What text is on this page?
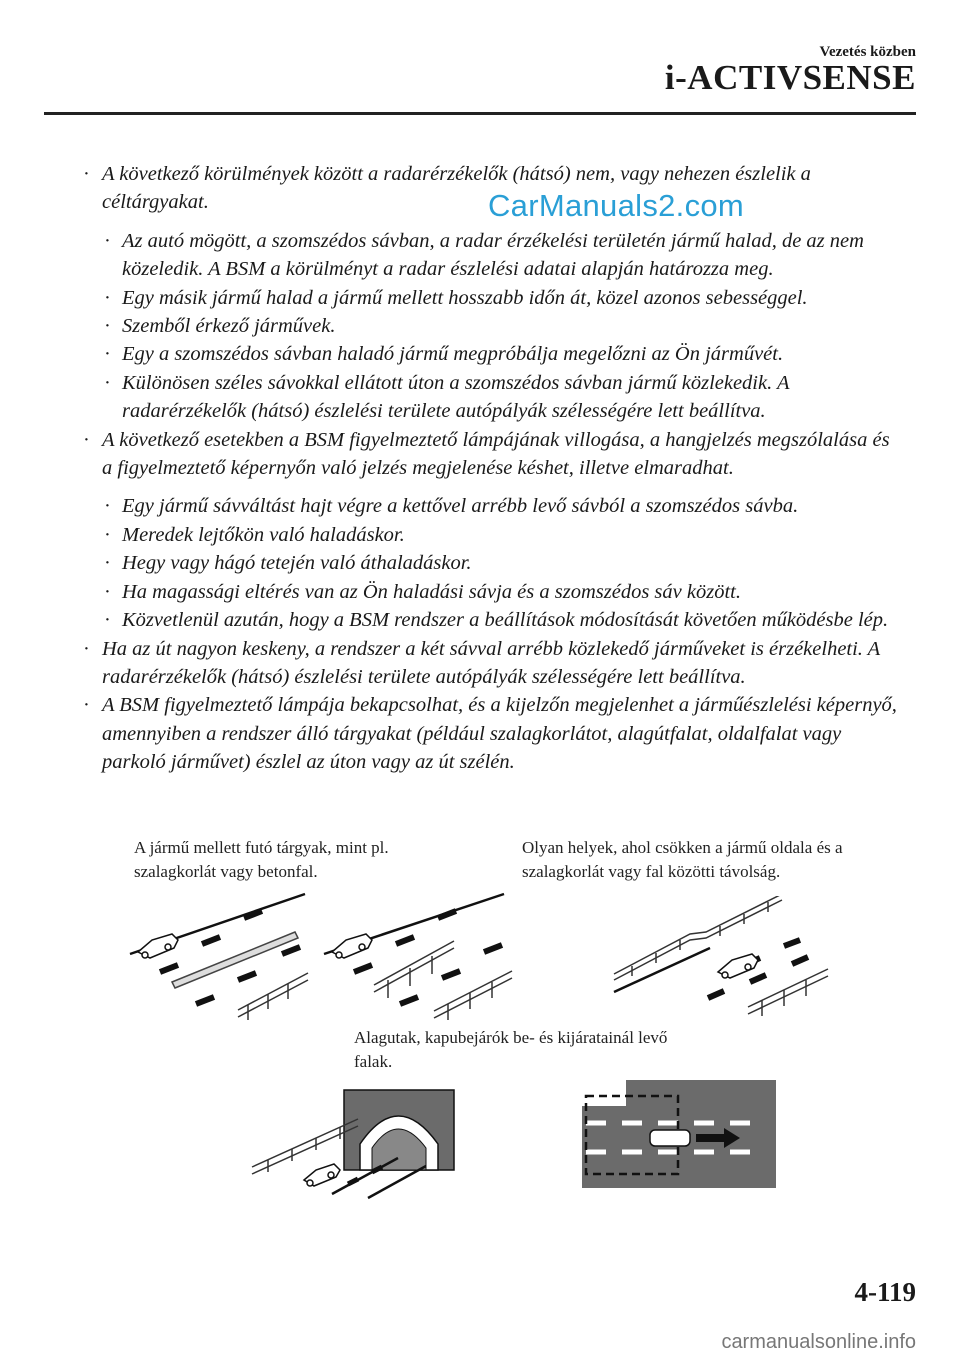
Vezetés közben
i-ACTIVSENSE
· A következő körülmények között a radarérzékelők (hátsó) nem, vagy nehezen észlelik a céltárgyakat.
· Az autó mögött, a szomszédos sávban, a radar érzékelési területén jármű halad, de az nem közeledik. A BSM a körülményt a radar észlelési adatai alapján határozza meg.
· Egy másik jármű halad a jármű mellett hosszabb időn át, közel azonos sebességgel.
· Szemből érkező járművek.
· Egy a szomszédos sávban haladó jármű megpróbálja megelőzni az Ön járművét.
· Különösen széles sávokkal ellátott úton a szomszédos sávban jármű közlekedik. A radarérzékelők (hátsó) észlelési területe autópályák szélességére lett beállítva.
· A következő esetekben a BSM figyelmeztető lámpájának villogása, a hangjelzés megszólalása és a figyelmeztető képernyőn való jelzés megjelenése késhet, illetve elmaradhat.
· Egy jármű sávváltást hajt végre a kettővel arrébb levő sávból a szomszédos sávba.
· Meredek lejtőkön való haladáskor.
· Hegy vagy hágó tetején való áthaladáskor.
· Ha magassági eltérés van az Ön haladási sávja és a szomszédos sáv között.
· Közvetlenül azután, hogy a BSM rendszer a beállítások módosítását követően működésbe lép.
· Ha az út nagyon keskeny, a rendszer a két sávval arrébb közlekedő járműveket is érzékelheti. A radarérzékelők (hátsó) észlelési területe autópályák szélességére lett beállítva.
· A BSM figyelmeztető lámpája bekapcsolhat, és a kijelzőn megjelenhet a járműészlelési képernyő, amennyiben a rendszer álló tárgyakat (például szalagkorlátot, alagútfalat, oldalfalat vagy parkoló járművet) észlel az úton vagy az út szélén.
CarManuals2.com
A jármű mellett futó tárgyak, mint pl. szalagkorlát vagy betonfal.
Olyan helyek, ahol csökken a jármű oldala és a szalagkorlát vagy fal közötti távolság.
Alagutak, kapubejárók be- és kijáratainál levő falak.
4-119
carmanualsonline.info
